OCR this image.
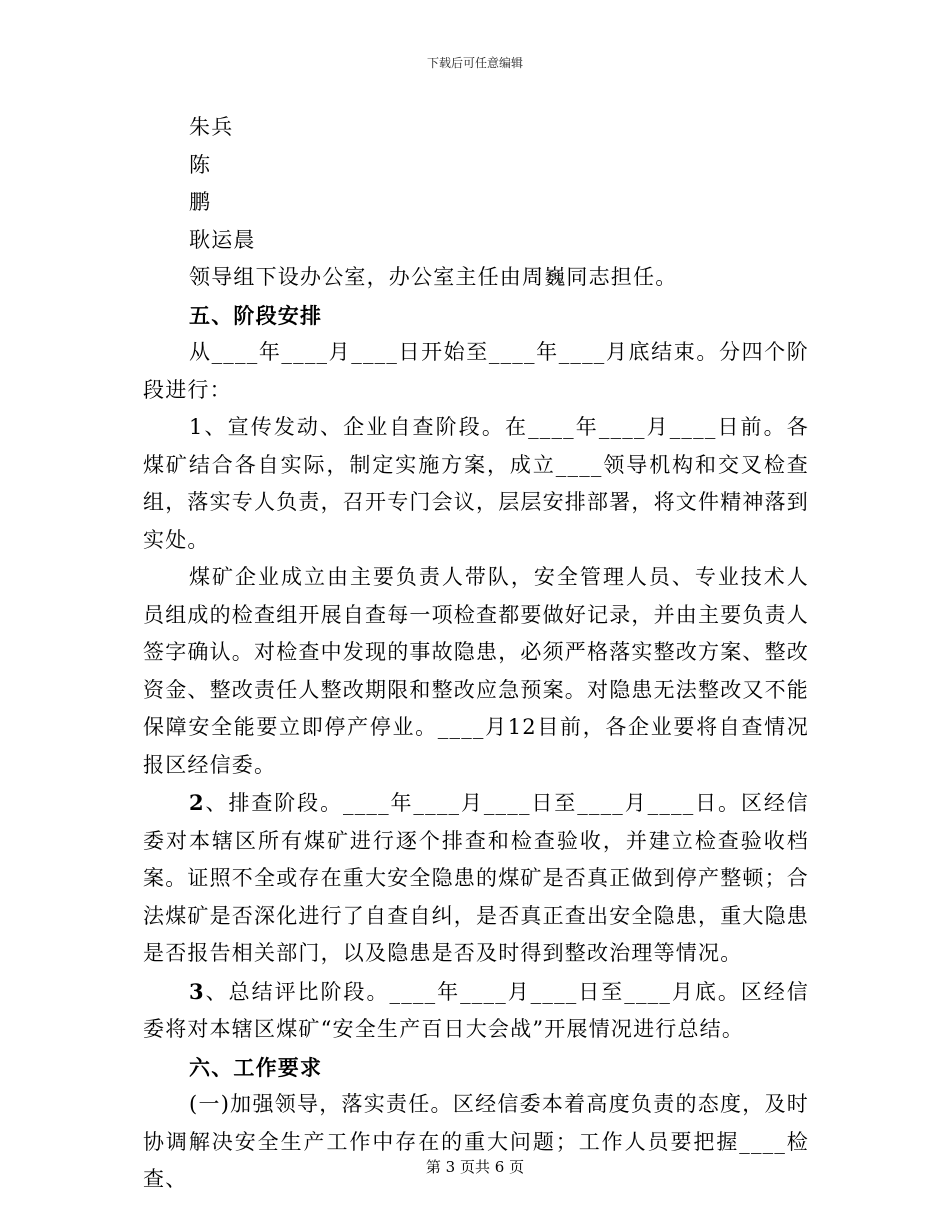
下载后可任意编辑
朱兵
陈
鹏
耿运晨
领导组下设办公室，办公室主任由周巍同志担任。
五、阶段安排

从____年____月____日开始至____年____月底结束。分四个阶段进行：

1、宣传发动、企业自查阶段。在____年____月____日前。各煤矿结合各自实际，制定实施方案，成立____领导机构和交叉检查组，落实专人负责，召开专门会议，层层安排部署，将文件精神落到实处。

煤矿企业成立由主要负责人带队，安全管理人员、专业技术人员组成的检查组开展自查每一项检查都要做好记录，并由主要负责人签字确认。对检查中发现的事故隐患，必须严格落实整改方案、整改资金、整改责任人整改期限和整改应急预案。对隐患无法整改又不能保障安全能要立即停产停业。____月12目前，各企业要将自查情况报区经信委。

2、排查阶段。____年____月____日至____月____日。区经信委对本辖区所有煤矿进行逐个排查和检查验收，并建立检查验收档案。证照不全或存在重大安全隐患的煤矿是否真正做到停产整顿；合法煤矿是否深化进行了自查自纠，是否真正查出安全隐患，重大隐患是否报告相关部门，以及隐患是否及时得到整改治理等情况。

3、总结评比阶段。____年____月____日至____月底。区经信委将对本辖区煤矿“安全生产百日大会战”开展情况进行总结。

六、工作要求

(一)加强领导，落实责任。区经信委本着高度负责的态度，及时协调解决安全生产工作中存在的重大问题；工作人员要把握____检查、	第 3 页共 6 页
